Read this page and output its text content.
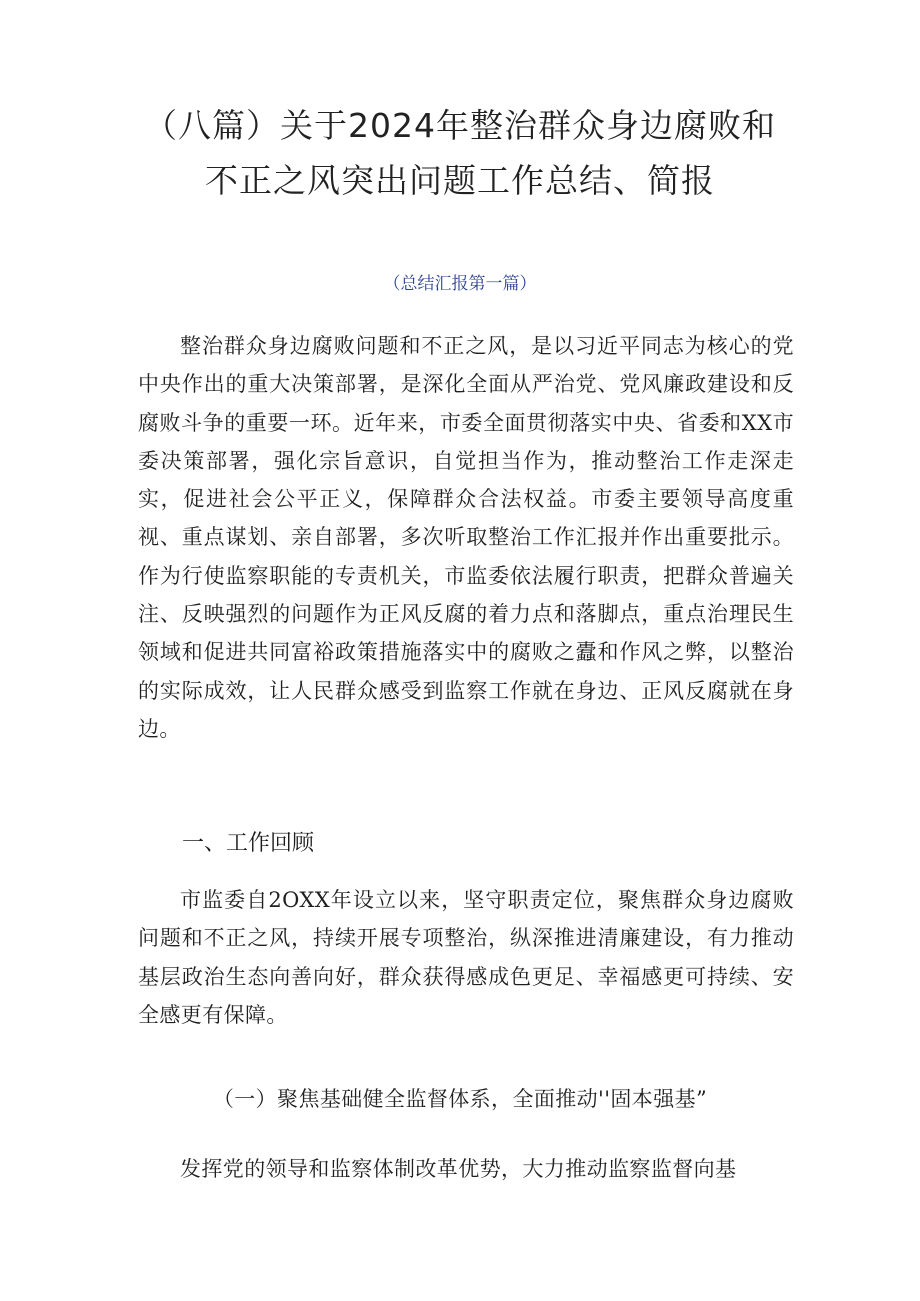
（八篇）关于2024年整治群众身边腐败和
不正之风突出问题工作总结、简报

（总结汇报第一篇）

整治群众身边腐败问题和不正之风，是以习近平同志为核心的党中央作出的重大决策部署，是深化全面从严治党、党风廉政建设和反腐败斗争的重要一环。近年来，市委全面贯彻落实中央、省委和XX市委决策部署，强化宗旨意识，自觉担当作为，推动整治工作走深走实，促进社会公平正义，保障群众合法权益。市委主要领导高度重视、重点谋划、亲自部署，多次听取整治工作汇报并作出重要批示。作为行使监察职能的专责机关，市监委依法履行职责，把群众普遍关注、反映强烈的问题作为正风反腐的着力点和落脚点，重点治理民生领域和促进共同富裕政策措施落实中的腐败之蠹和作风之弊，以整治的实际成效，让人民群众感受到监察工作就在身边、正风反腐就在身边。

一、工作回顾

市监委自2OXX年设立以来，坚守职责定位，聚焦群众身边腐败问题和不正之风，持续开展专项整治，纵深推进清廉建设，有力推动基层政治生态向善向好，群众获得感成色更足、幸福感更可持续、安全感更有保障。

（一）聚焦基础健全监督体系，全面推动''固本强基”

发挥党的领导和监察体制改革优势，大力推动监察监督向基
